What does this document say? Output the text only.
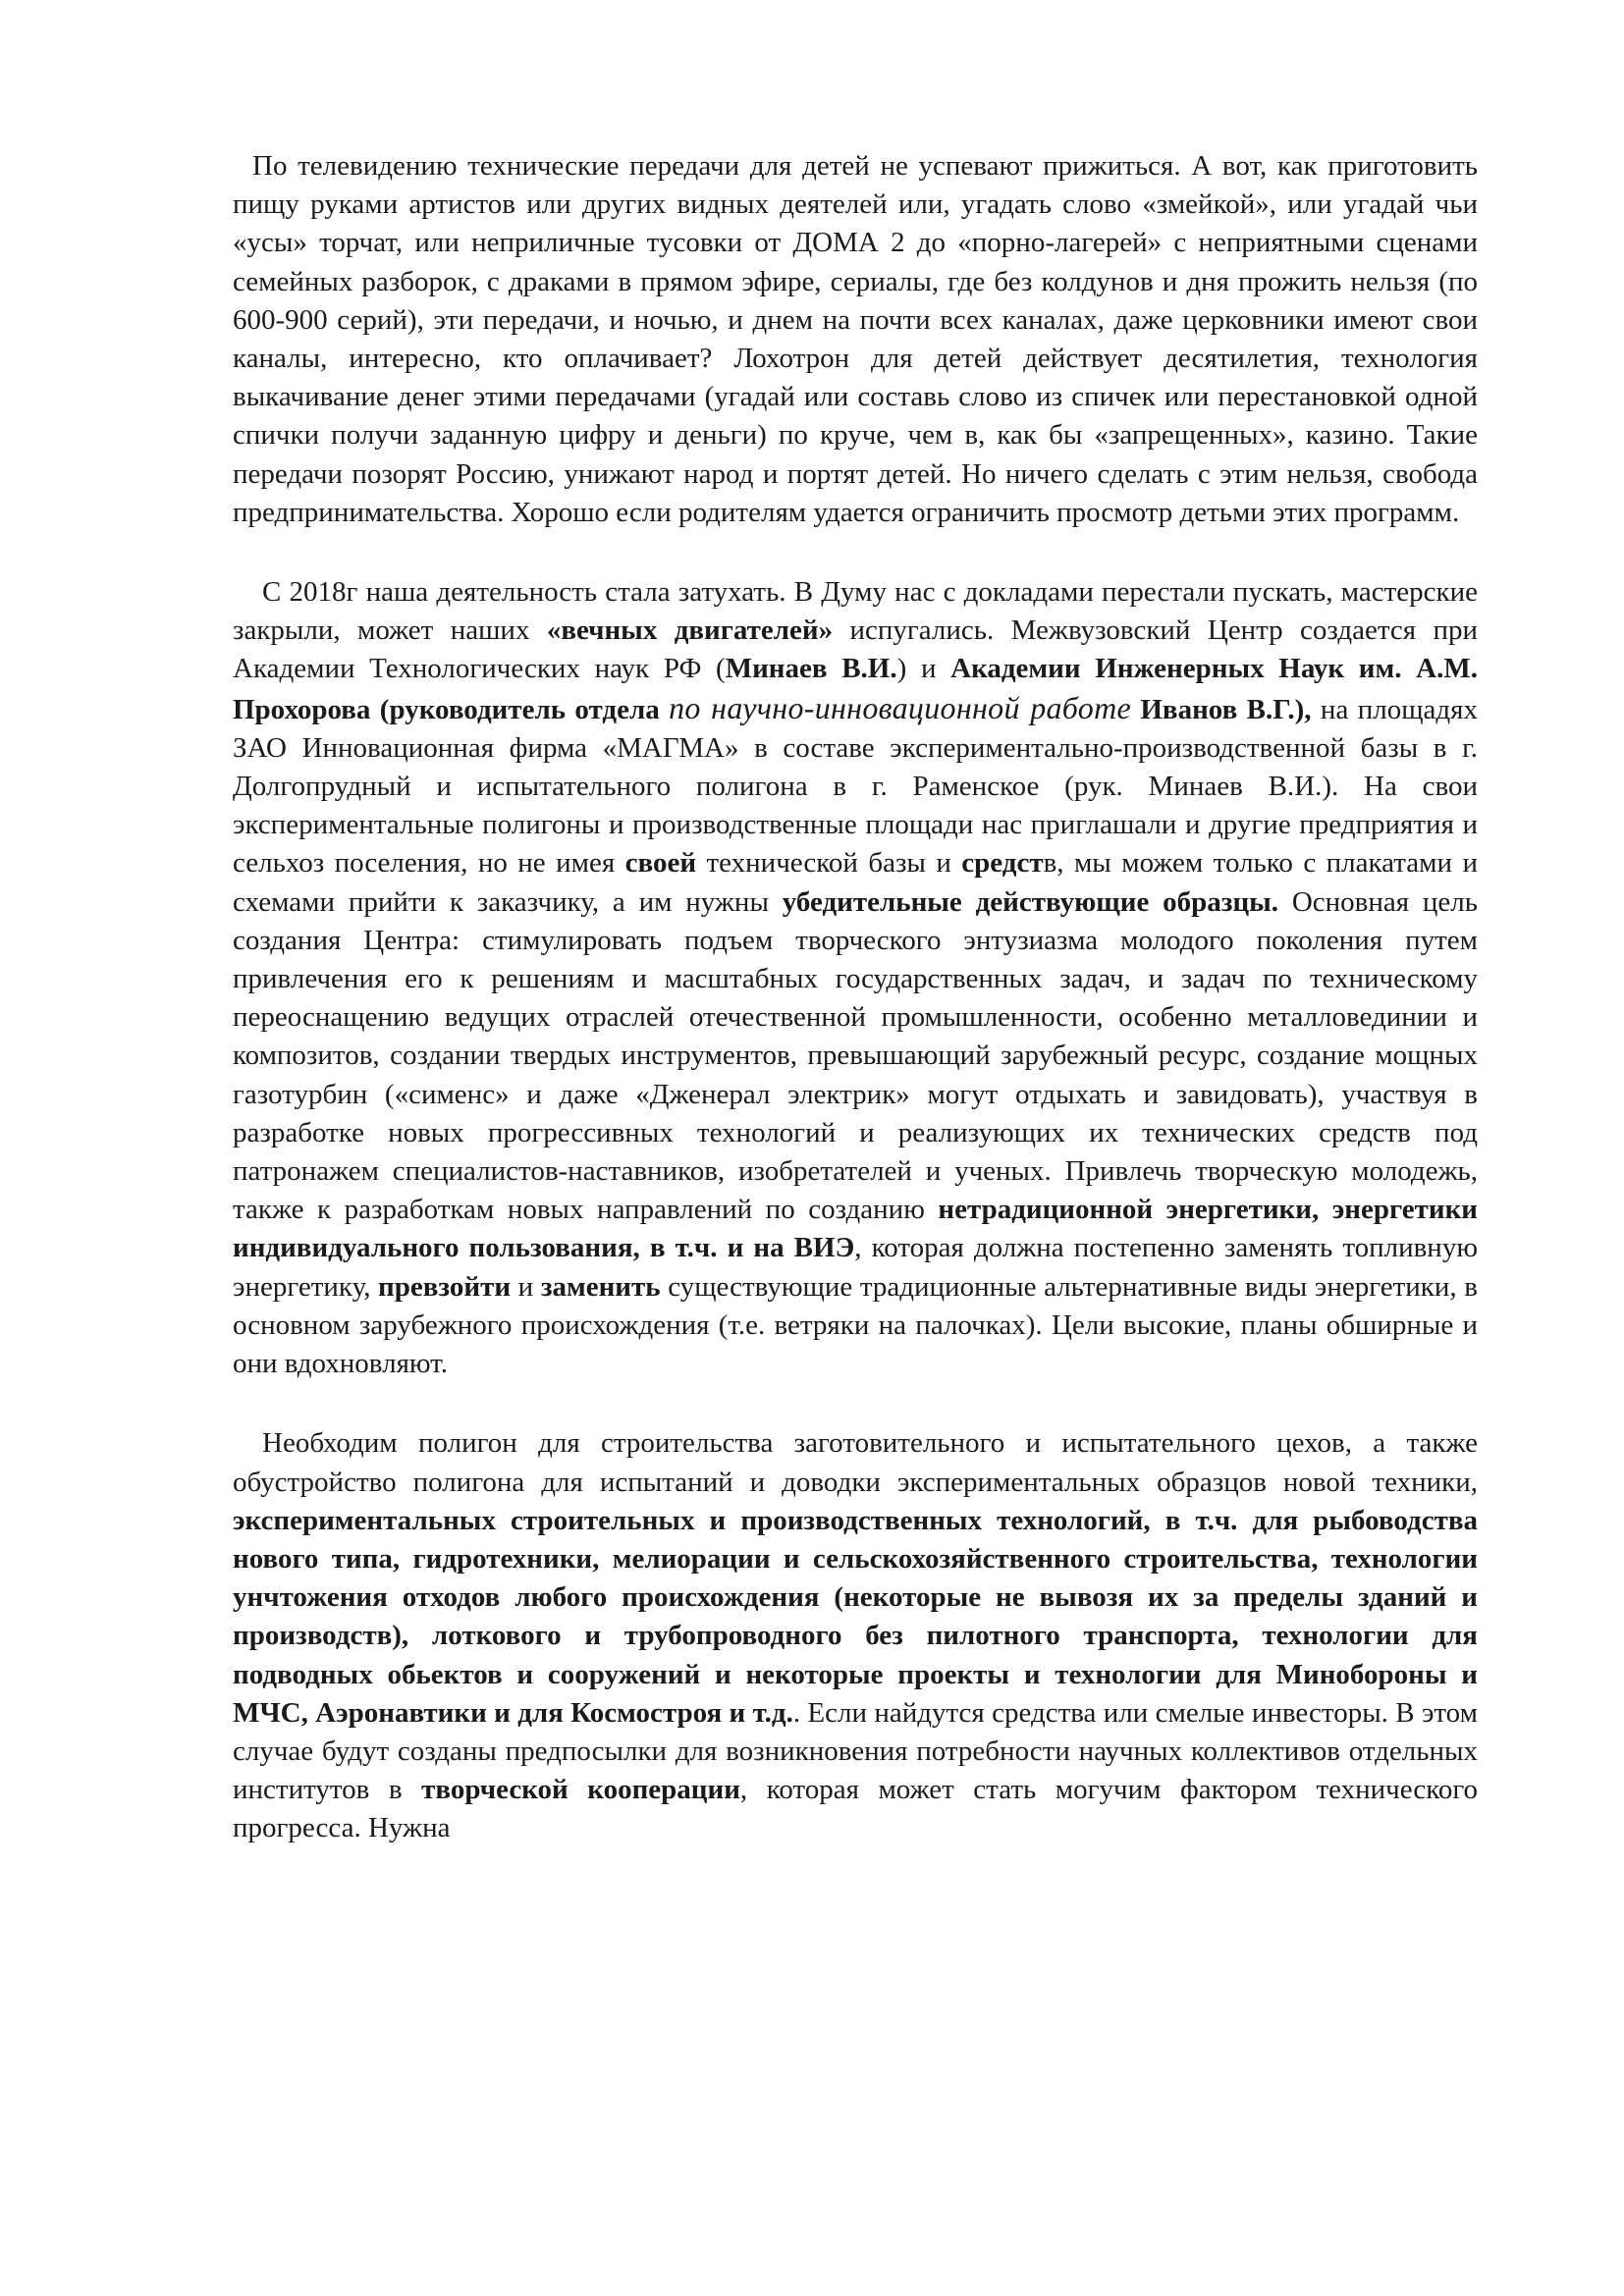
По телевидению технические передачи для детей не успевают прижиться. А вот, как приготовить пищу руками артистов или других видных деятелей или, угадать слово «змейкой», или угадай чьи «усы» торчат, или неприличные тусовки от ДОМА 2 до «порно-лагерей» с неприятными сценами семейных разборок, с драками в прямом эфире, сериалы, где без колдунов и дня прожить нельзя (по 600-900 серий), эти передачи, и ночью, и днем на почти всех каналах, даже церковники имеют свои каналы, интересно, кто оплачивает? Лохотрон для детей действует десятилетия, технология выкачивание денег этими передачами (угадай или составь слово из спичек или перестановкой одной спички получи заданную цифру и деньги) по круче, чем в, как бы «запрещенных», казино. Такие передачи позорят Россию, унижают народ и портят детей. Но ничего сделать с этим нельзя, свобода предпринимательства. Хорошо если родителям удается ограничить просмотр детьми этих программ.

С 2018г наша деятельность стала затухать. В Думу нас с докладами перестали пускать, мастерские закрыли, может наших «вечных двигателей» испугались. Межвузовский Центр создается при Академии Технологических наук РФ (Минаев В.И.) и Академии Инженерных Наук им. А.М. Прохорова (руководитель отдела по научно-инновационной работе Иванов В.Г.), на площадях ЗАО Инновационная фирма «МАГМА» в составе экспериментально-производственной базы в г. Долгопрудный и испытательного полигона в г. Раменское (рук. Минаев В.И.). На свои экспериментальные полигоны и производственные площади нас приглашали и другие предприятия и сельхоз поселения, но не имея своей технической базы и средств, мы можем только с плакатами и схемами прийти к заказчику, а им нужны убедительные действующие образцы. Основная цель создания Центра: стимулировать подъем творческого энтузиазма молодого поколения путем привлечения его к решениям и масштабных государственных задач, и задач по техническому переоснащению ведущих отраслей отечественной промышленности, особенно металловединии и композитов, создании твердых инструментов, превышающий зарубежный ресурс, создание мощных газотурбин («сименс» и даже «Дженерал электрик» могут отдыхать и завидовать), участвуя в разработке новых прогрессивных технологий и реализующих их технических средств под патронажем специалистов-наставников, изобретателей и ученых. Привлечь творческую молодежь, также к разработкам новых направлений по созданию нетрадиционной энергетики, энергетики индивидуального пользования, в т.ч. и на ВИЭ, которая должна постепенно заменять топливную энергетику, превзойти и заменить существующие традиционные альтернативные виды энергетики, в основном зарубежного происхождения (т.е. ветряки на палочках). Цели высокие, планы обширные и они вдохновляют.

Необходим полигон для строительства заготовительного и испытательного цехов, а также обустройство полигона для испытаний и доводки экспериментальных образцов новой техники, экспериментальных строительных и производственных технологий, в т.ч. для рыбоводства нового типа, гидротехники, мелиорации и сельскохозяйственного строительства, технологии унчтожения отходов любого происхождения (некоторые не вывозя их за пределы зданий и производств), лоткового и трубопроводного без пилотного транспорта, технологии для подводных обьектов и сооружений и некоторые проекты и технологии для Минобороны и МЧС, Аэронавтики и для Космостроя и т.д.. Если найдутся средства или смелые инвесторы. В этом случае будут созданы предпосылки для возникновения потребности научных коллективов отдельных институтов в творческой кооперации, которая может стать могучим фактором технического прогресса. Нужна
